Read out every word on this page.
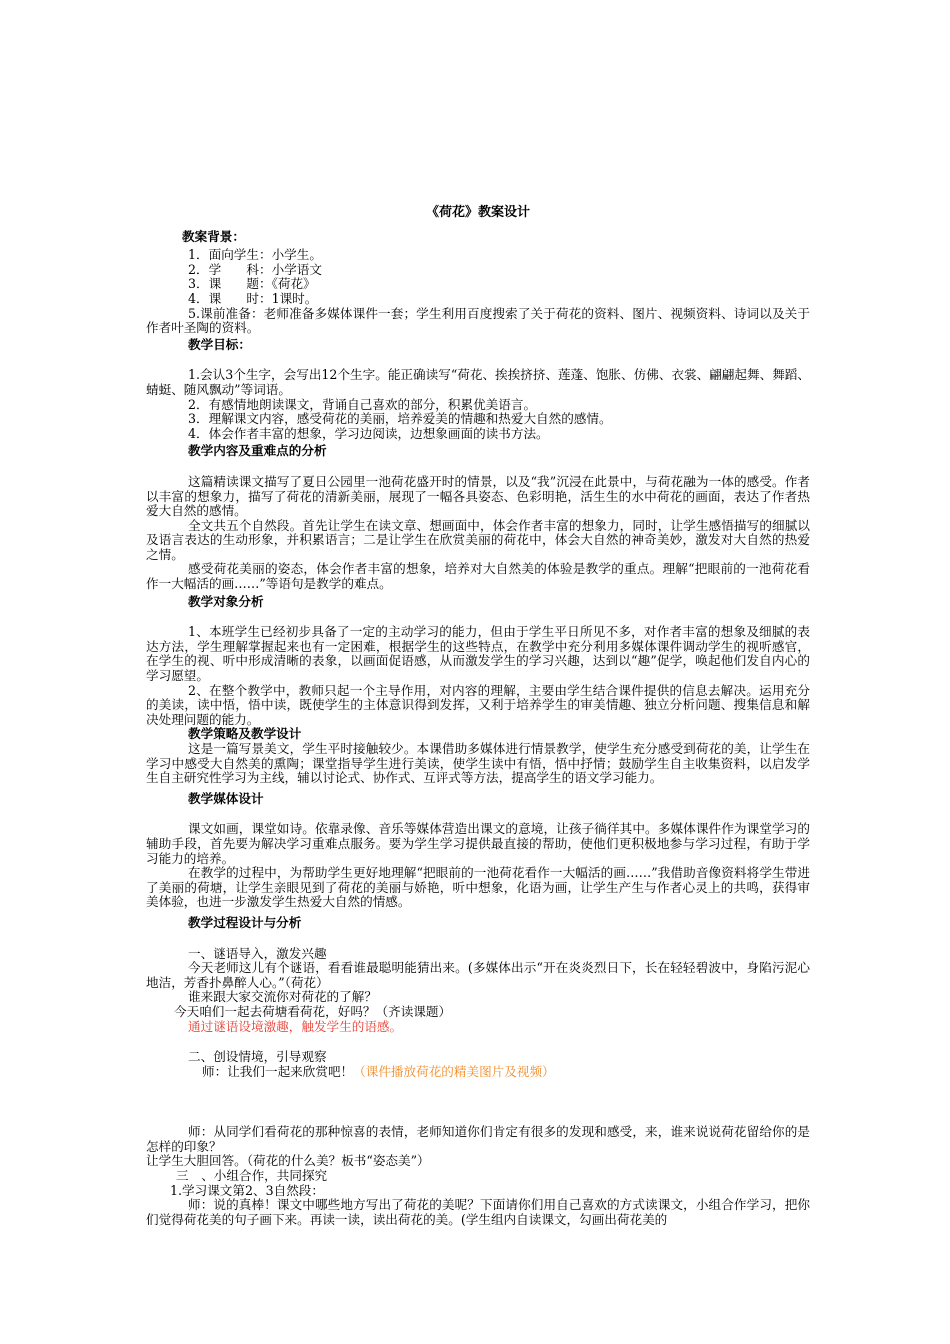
《荷花》教案设计
教案背景：

1．面向学生：小学生。

2．学　　科：小学语文

3．课　　题：《荷花》

4．课　　时：1课时。

5.课前准备：老师准备多媒体课件一套；学生利用百度搜索了关于荷花的资料、图片、视频资料、诗词以及关于作者叶圣陶的资料。

教学目标：

1.会认3个生字，会写出12个生字。能正确读写“荷花、挨挨挤挤、莲蓬、饱胀、仿佛、衣裳、翩翩起舞、舞蹈、蜻蜓、随风飘动”等词语。

2．有感情地朗读课文，背诵自己喜欢的部分，积累优美语言。

3．理解课文内容，感受荷花的美丽，培养爱美的情趣和热爱大自然的感情。

4．体会作者丰富的想象，学习边阅读，边想象画面的读书方法。

教学内容及重难点的分析

这篇精读课文描写了夏日公园里一池荷花盛开时的情景，以及“我”沉浸在此景中，与荷花融为一体的感受。作者以丰富的想象力，描写了荷花的清新美丽，展现了一幅各具姿态、色彩明艳，活生生的水中荷花的画面，表达了作者热爱大自然的感情。

全文共五个自然段。首先让学生在读文章、想画面中，体会作者丰富的想象力，同时，让学生感悟描写的细腻以及语言表达的生动形象，并积累语言；二是让学生在欣赏美丽的荷花中，体会大自然的神奇美妙，激发对大自然的热爱之情。

感受荷花美丽的姿态，体会作者丰富的想象，培养对大自然美的体验是教学的重点。理解“把眼前的一池荷花看作一大幅活的画……”等语句是教学的难点。

教学对象分析

1、本班学生已经初步具备了一定的主动学习的能力，但由于学生平日所见不多，对作者丰富的想象及细腻的表达方法，学生理解掌握起来也有一定困难，根据学生的这些特点，在教学中充分利用多媒体课件调动学生的视听感官，在学生的视、听中形成清晰的表象，以画面促语感，从而激发学生的学习兴趣，达到以“趣”促学，唤起他们发自内心的学习愿望。

2、在整个教学中，教师只起一个主导作用，对内容的理解，主要由学生结合课件提供的信息去解决。运用充分的美读，读中悟，悟中读，既使学生的主体意识得到发挥，又利于培养学生的审美情趣、独立分析问题、搜集信息和解决处理问题的能力。

教学策略及教学设计

这是一篇写景美文，学生平时接触较少。本课借助多媒体进行情景教学，使学生充分感受到荷花的美，让学生在学习中感受大自然美的熏陶；课堂指导学生进行美读，使学生读中有悟，悟中抒情；鼓励学生自主收集资料，以启发学生自主研究性学习为主线，辅以讨论式、协作式、互评式等方法，提高学生的语文学习能力。

教学媒体设计

课文如画，课堂如诗。依靠录像、音乐等媒体营造出课文的意境，让孩子徜徉其中。多媒体课件作为课堂学习的辅助手段，首先要为解决学习重难点服务。要为学生学习提供最直接的帮助，使他们更积极地参与学习过程，有助于学习能力的培养。

在教学的过程中，为帮助学生更好地理解“把眼前的一池荷花看作一大幅活的画……”我借助音像资料将学生带进了美丽的荷塘，让学生亲眼见到了荷花的美丽与娇艳，听中想象，化语为画，让学生产生与作者心灵上的共鸣，获得审美体验，也进一步激发学生热爱大自然的情感。

教学过程设计与分析

一、谜语导入，激发兴趣

今天老师这儿有个谜语，看看谁最聪明能猜出来。(多媒体出示“开在炎炎烈日下，长在轻轻碧波中，身陷污泥心地洁，芳香扑鼻醉人心。”（荷花）

谁来跟大家交流你对荷花的了解？

今天咱们一起去荷塘看荷花，好吗？（齐读课题）

通过谜语设境激趣，触发学生的语感。

二、创设情境，引导观察

师：让我们一起来欣赏吧！（课件播放荷花的精美图片及视频）

师：从同学们看荷花的那种惊喜的表情，老师知道你们肯定有很多的发现和感受，来，谁来说说荷花留给你的是怎样的印象？

让学生大胆回答。（荷花的什么美？板书“姿态美”）

三　、小组合作，共同探究

1.学习课文第2、3自然段：

师：说的真棒！课文中哪些地方写出了荷花的美呢？下面请你们用自己喜欢的方式读课文，小组合作学习，把你们觉得荷花美的句子画下来。再读一读，读出荷花的美。(学生组内自读课文，勾画出荷花美的
